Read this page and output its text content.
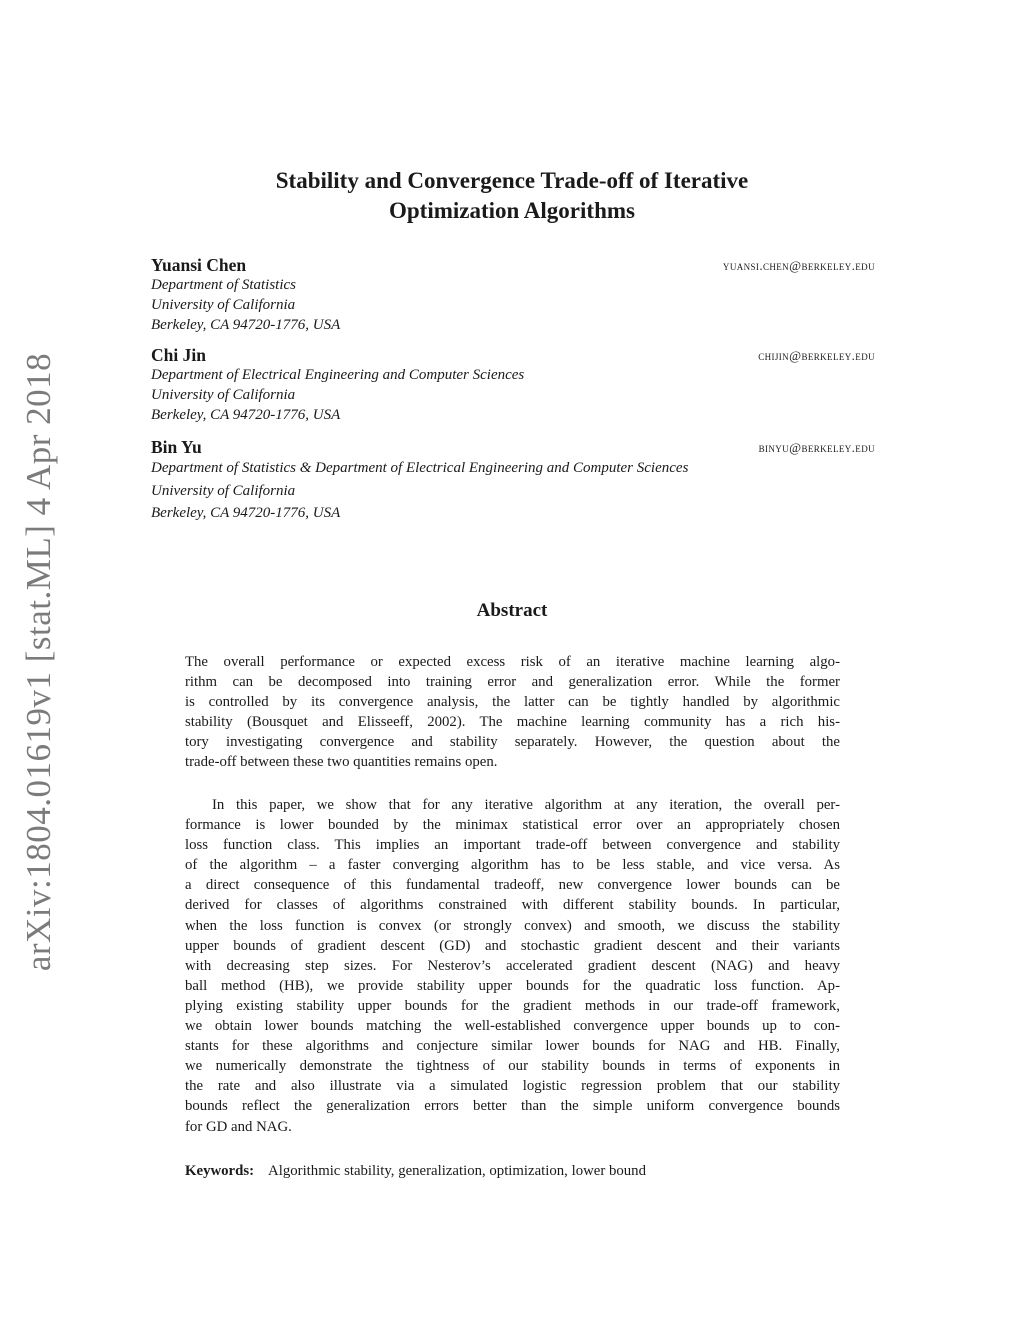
arXiv:1804.01619v1 [stat.ML] 4 Apr 2018
Stability and Convergence Trade-off of Iterative
Optimization Algorithms
Yuansi Chen	yuansi.chen@berkeley.edu
Department of Statistics
University of California
Berkeley, CA 94720-1776, USA
Chi Jin	chijin@berkeley.edu
Department of Electrical Engineering and Computer Sciences
University of California
Berkeley, CA 94720-1776, USA
Bin Yu	binyu@berkeley.edu
Department of Statistics & Department of Electrical Engineering and Computer Sciences
University of California
Berkeley, CA 94720-1776, USA
Abstract
The overall performance or expected excess risk of an iterative machine learning algo-
rithm can be decomposed into training error and generalization error. While the former
is controlled by its convergence analysis, the latter can be tightly handled by algorithmic
stability (Bousquet and Elisseeff, 2002). The machine learning community has a rich his-
tory investigating convergence and stability separately. However, the question about the
trade-off between these two quantities remains open.
In this paper, we show that for any iterative algorithm at any iteration, the overall per-
formance is lower bounded by the minimax statistical error over an appropriately chosen
loss function class. This implies an important trade-off between convergence and stability
of the algorithm – a faster converging algorithm has to be less stable, and vice versa. As
a direct consequence of this fundamental tradeoff, new convergence lower bounds can be
derived for classes of algorithms constrained with different stability bounds. In particular,
when the loss function is convex (or strongly convex) and smooth, we discuss the stability
upper bounds of gradient descent (GD) and stochastic gradient descent and their variants
with decreasing step sizes. For Nesterov’s accelerated gradient descent (NAG) and heavy
ball method (HB), we provide stability upper bounds for the quadratic loss function. Ap-
plying existing stability upper bounds for the gradient methods in our trade-off framework,
we obtain lower bounds matching the well-established convergence upper bounds up to con-
stants for these algorithms and conjecture similar lower bounds for NAG and HB. Finally,
we numerically demonstrate the tightness of our stability bounds in terms of exponents in
the rate and also illustrate via a simulated logistic regression problem that our stability
bounds reflect the generalization errors better than the simple uniform convergence bounds
for GD and NAG.
Keywords: Algorithmic stability, generalization, optimization, lower bound
